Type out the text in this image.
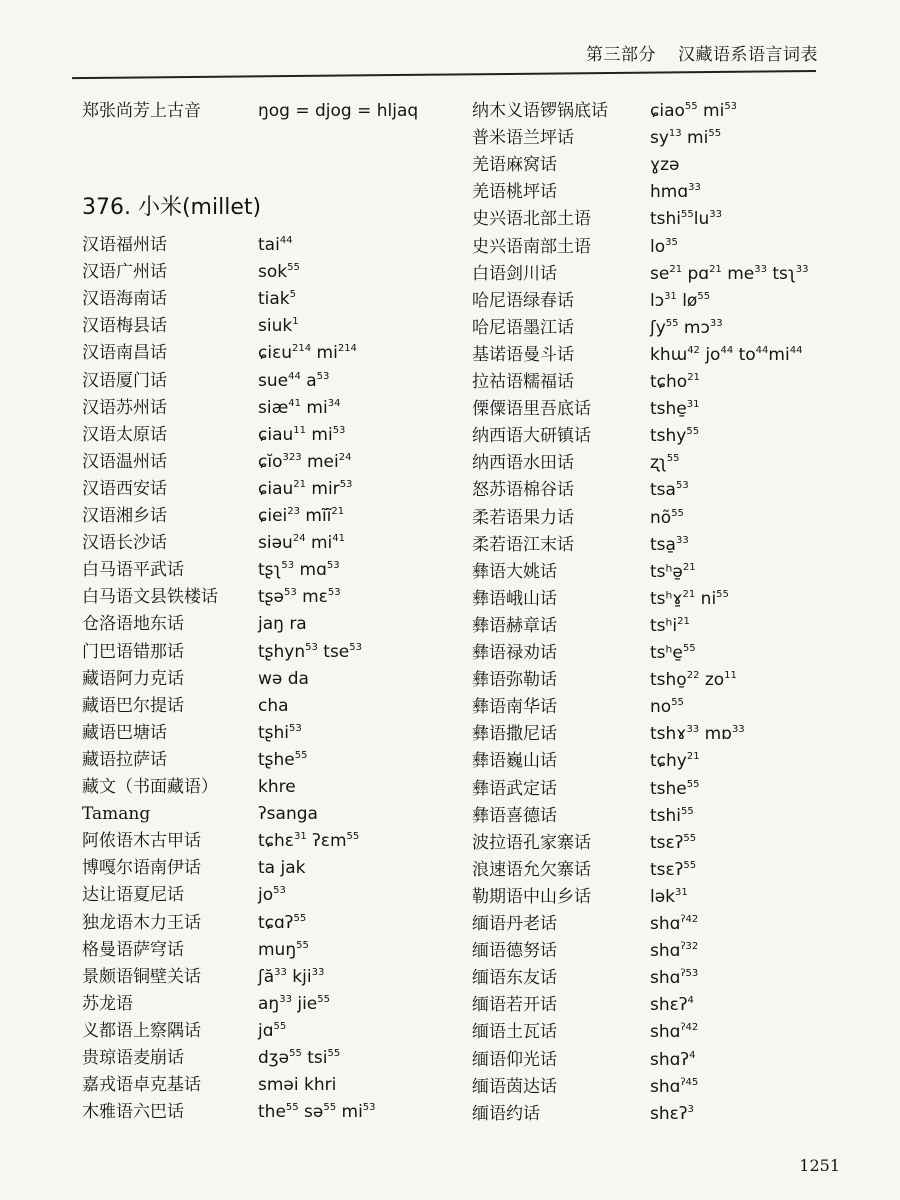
第三部分 汉藏语系语言词表
郑张尚芳上古音	ŋog = djog = hljaq
376. 小米(millet)
汉语福州话	tai$^{44}$
汉语广州话	sok$^{55}$
汉语海南话	tiak$^5$
汉语梅县话	siuk$^1$
汉语南昌话	ɕiɛu$^{214}$ $mi^{214}$
汉语厦门话	sue$^{44}$ $a^{53}$
汉语苏州话	siæ$^{41}$ $mi^{34}$
汉语太原话	ɕiau$^{11}$ $mi^{53}$
汉语温州话	ɕĭo$^{323}$ mei$^{24}$
汉语西安话	ɕiau$^{21}$ mir$^{53}$
汉语湘乡话	ɕiei$^{23}$ mĩĩ$^{21}$
汉语长沙话	siəu$^{24}$ $mi^{41}$
白马语平武话	tʂʅ$^{53}$ mɑ$^{53}$
白马语文县铁楼话 tʂə$^{53}$ mɛ$^{53}$
仓洛语地东话	jaŋ ra
门巴语错那话	tʂhyn$^{53}$ tse$^{53}$
藏语阿力克话	wə da
藏语巴尔提话	cha
藏语巴塘话	tʂhi$^{53}$
藏语拉萨话	tʂhe$^{55}$
藏文（书面藏语） khre
Tamang	ʔsanga
阿侬语木古甲话	tɕhɛ$^{31}$ ʔɛm$^{55}$
博嘎尔语南伊话	ta jak
达让语夏尼话	$jo^{53}$
独龙语木力王话	tɕɑʔ$^{55}$
格曼语萨穹话	muŋ$^{55}$
景颇语铜壁关话	ʃă$^{33}$ kji$^{33}$
苏龙语	$aŋ^{33}$ jie$^{55}$
义都语上察隅话	jɑ$^{55}$
贵琼语麦崩话	dʒə$^{55}$ tsi$^{55}$
嘉戎语卓克基话	sməi khri
木雅语六巴话	the$^{55}$ sə$^{55}$ $mi^{53}$
纳木义语锣锅底话 ɕiao$^{55}$ $mi^{53}$
普米语兰坪话	$sy^{13}$ $mi^{55}$
羌语麻窝话	ɣzə
羌语桃坪话	hmɑ$^{33}$
史兴语北部土语	$tshi^{55}lu^{33}$
史兴语南部土语	$lo^{35}$
白语剑川话	$se^{21}$ pɑ$^{21}$ $me^{33}$ tsʅ$^{33}$
哈尼语绿春话	lɔ$^{31}$ $lø^{55}$
哈尼语墨江话	ʃy$^{55}$ mɔ$^{33}$
基诺语曼斗话	khɯ$^{42}$ $jo^{44}$ $to^{44}mi^{44}$
拉祜语糯福话	tɕho$^{21}$
傈僳语里吾底话	tshe̱$^{31}$
纳西语大研镇话	tshy$^{55}$
纳西语水田话	ʐʅ$^{55}$
怒苏语棉谷话	tsa$^{53}$
柔若语果力话	$nõ^{55}$
柔若语江末话	tsa̱$^{33}$
彝语大姚话	tsʰə̱$^{21}$
彝语峨山话	tsʰɤ̱$^{21}$ $ni^{55}$
彝语赫章话	tsʰi$^{21}$
彝语禄劝话	tsʰe̱$^{55}$
彝语弥勒话	tsho̱$^{22}$ $zo^{11}$
彝语南华话	$no^{55}$
彝语撒尼话	tshɤ$^{33}$ mɒ$^{33}$
彝语巍山话	tɕhy$^{21}$
彝语武定话	tshe$^{55}$
彝语喜德话	tshi$^{55}$
波拉语孔家寨话	tsɛʔ$^{55}$
浪速语允欠寨话	tsɛʔ$^{55}$
勒期语中山乡话	lək$^{31}$
缅语丹老话	shɑ$^{ʔ42}$
缅语德努话	shɑ$^{ʔ32}$
缅语东友话	shɑ$^{ʔ53}$
缅语若开话	shɛʔ$^4$
缅语土瓦话	shɑ$^{ʔ42}$
缅语仰光话	shɑʔ$^4$
缅语茵达话	shɑ$^{ʔ45}$
缅语约话	shɛʔ$^3$
1251
